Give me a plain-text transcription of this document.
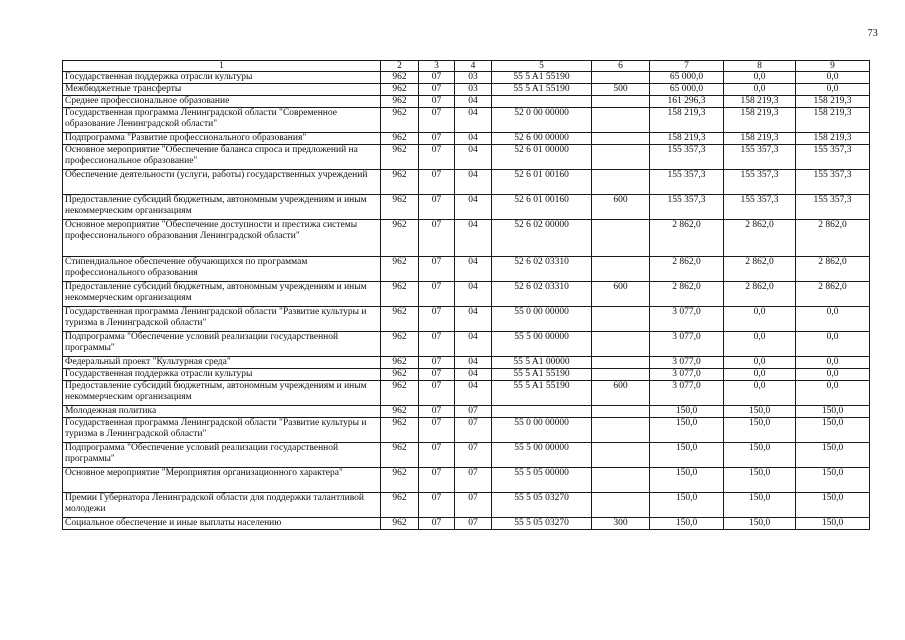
73
1	2	3	4	5	6	7	8	9
Государственная поддержка отрасли культуры	962	07	03	55 5 A1 55190		65 000,0	0,0	0,0
Межбюджетные трансферты	962	07	03	55 5 A1 55190	500	65 000,0	0,0	0,0
Среднее профессиональное образование	962	07	04			161 296,3	158 219,3	158 219,3
Государственная программа Ленинградской области "Современное образование Ленинградской области"	962	07	04	52 0 00 00000		158 219,3	158 219,3	158 219,3
Подпрограмма "Развитие профессионального образования"	962	07	04	52 6 00 00000		158 219,3	158 219,3	158 219,3
Основное мероприятие "Обеспечение баланса спроса и предложений на профессиональное образование"	962	07	04	52 6 01 00000		155 357,3	155 357,3	155 357,3
Обеспечение деятельности (услуги, работы) государственных учреждений	962	07	04	52 6 01 00160		155 357,3	155 357,3	155 357,3
Предоставление субсидий бюджетным, автономным учреждениям и иным некоммерческим организациям	962	07	04	52 6 01 00160	600	155 357,3	155 357,3	155 357,3
Основное мероприятие "Обеспечение доступности и престижа системы профессионального образования Ленинградской области"	962	07	04	52 6 02 00000		2 862,0	2 862,0	2 862,0
Стипендиальное обеспечение обучающихся по программам профессионального образования	962	07	04	52 6 02 03310		2 862,0	2 862,0	2 862,0
Предоставление субсидий бюджетным, автономным учреждениям и иным некоммерческим организациям	962	07	04	52 6 02 03310	600	2 862,0	2 862,0	2 862,0
Государственная программа Ленинградской области "Развитие культуры и туризма в Ленинградской области"	962	07	04	55 0 00 00000		3 077,0	0,0	0,0
Подпрограмма "Обеспечение условий реализации государственной программы"	962	07	04	55 5 00 00000		3 077,0	0,0	0,0
Федеральный проект "Культурная среда"	962	07	04	55 5 A1 00000		3 077,0	0,0	0,0
Государственная поддержка отрасли культуры	962	07	04	55 5 A1 55190		3 077,0	0,0	0,0
Предоставление субсидий бюджетным, автономным учреждениям и иным некоммерческим организациям	962	07	04	55 5 A1 55190	600	3 077,0	0,0	0,0
Молодежная политика	962	07	07			150,0	150,0	150,0
Государственная программа Ленинградской области "Развитие культуры и туризма в Ленинградской области"	962	07	07	55 0 00 00000		150,0	150,0	150,0
Подпрограмма "Обеспечение условий реализации государственной программы"	962	07	07	55 5 00 00000		150,0	150,0	150,0
Основное мероприятие "Мероприятия организационного характера"	962	07	07	55 5 05 00000		150,0	150,0	150,0
Премии Губернатора Ленинградской области для поддержки талантливой молодежи	962	07	07	55 5 05 03270		150,0	150,0	150,0
Социальное обеспечение и иные выплаты населению	962	07	07	55 5 05 03270	300	150,0	150,0	150,0
